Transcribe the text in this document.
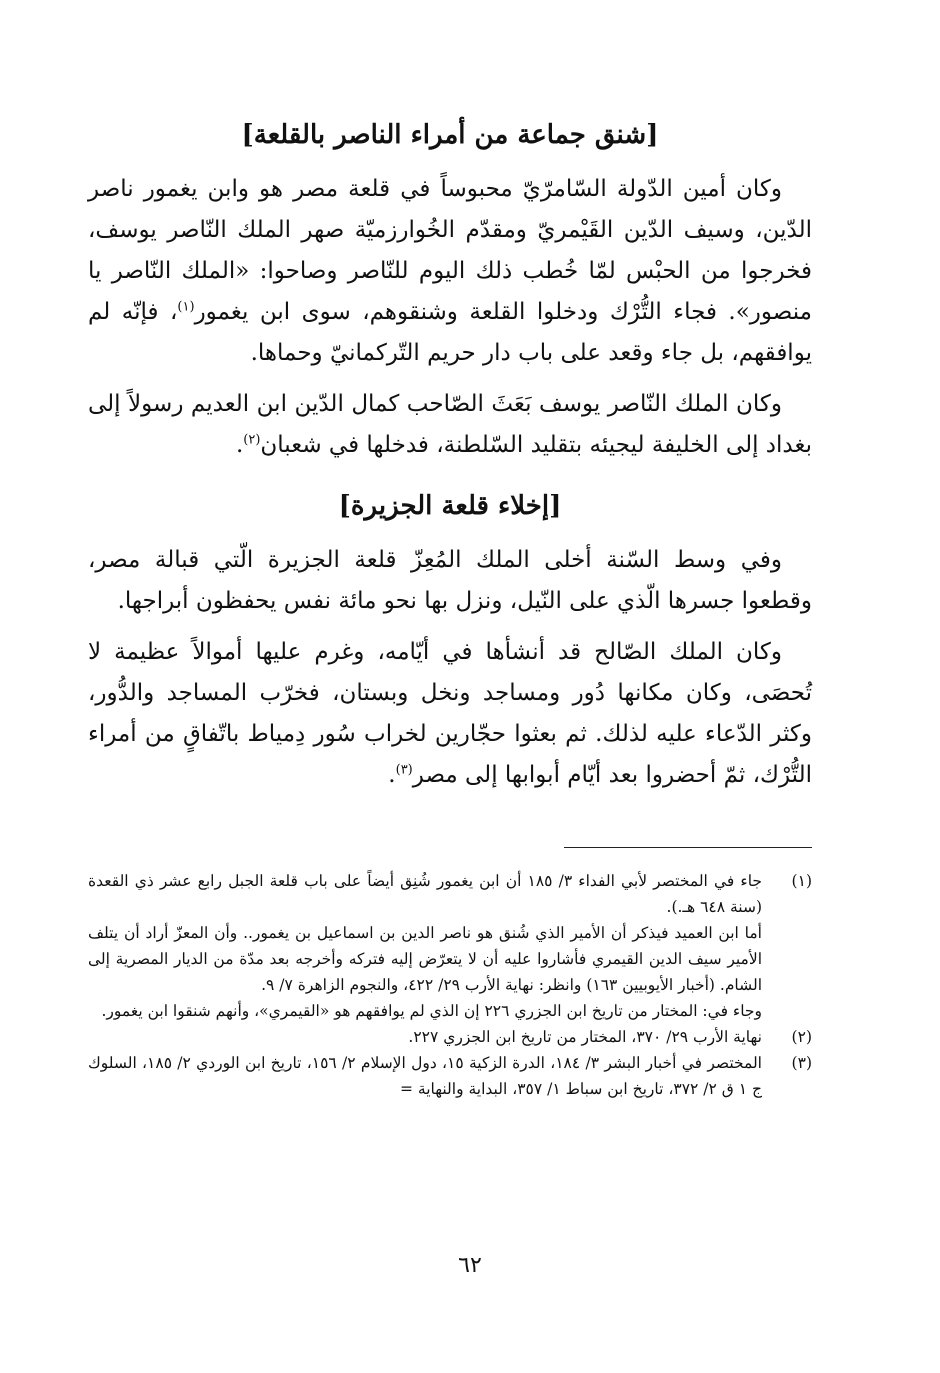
[شنق جماعة من أمراء الناصر بالقلعة]

وكان أمين الدّولة السّامرّيّ محبوساً في قلعة مصر هو وابن يغمور ناصر الدّين، وسيف الدّين القَيْمريّ ومقدّم الخُوارزميّة صهر الملك النّاصر يوسف، فخرجوا من الحبْس لمّا خُطب ذلك اليوم للنّاصر وصاحوا: «الملك النّاصر يا منصور». فجاء التُّرْك ودخلوا القلعة وشنقوهم، سوى ابن يغمور$^{(١)}$، فإنّه لم يوافقهم، بل جاء وقعد على باب دار حريم التّركمانيّ وحماها.

وكان الملك النّاصر يوسف بَعَثَ الصّاحب كمال الدّين ابن العديم رسولاً إلى بغداد إلى الخليفة ليجيئه بتقليد السّلطنة، فدخلها في شعبان$^{(٢)}$.

[إخلاء قلعة الجزيرة]

وفي وسط السّنة أخلى الملك المُعِزّ قلعة الجزيرة الّتي قبالة مصر، وقطعوا جسرها الّذي على النّيل، ونزل بها نحو مائة نفس يحفظون أبراجها.

وكان الملك الصّالح قد أنشأها في أيّامه، وغرم عليها أموالاً عظيمة لا تُحصَى، وكان مكانها دُور ومساجد ونخل وبستان، فخرّب المساجد والدُّور، وكثر الدّعاء عليه لذلك. ثم بعثوا حجّارين لخراب سُور دِمياط باتّفاقٍ من أمراء التُّرْك، ثمّ أحضروا بعد أيّام أبوابها إلى مصر$^{(٣)}$.

(١)

جاء في المختصر لأبي الفداء ٣/ ١٨٥ أن ابن يغمور شُنِق أيضاً على باب قلعة الجبل رابع عشر ذي القعدة (سنة ٦٤٨ هـ.).

أما ابن العميد فيذكر أن الأمير الذي شُنق هو ناصر الدين بن اسماعيل بن يغمور.. وأن المعزّ أراد أن يتلف الأمير سيف الدين القيمري فأشاروا عليه أن لا يتعرّض إليه فتركه وأخرجه بعد مدّة من الديار المصرية إلى الشام. (أخبار الأيوبيين ١٦٣) وانظر: نهاية الأرب ٢٩/ ٤٢٢، والنجوم الزاهرة ٧/ ٩.

وجاء في: المختار من تاريخ ابن الجزري ٢٢٦ إن الذي لم يوافقهم هو «القيمري»، وأنهم شنقوا ابن يغمور.

(٢)

نهاية الأرب ٢٩/ ٣٧٠، المختار من تاريخ ابن الجزري ٢٢٧.

(٣)

المختصر في أخبار البشر ٣/ ١٨٤، الدرة الزكية ١٥، دول الإسلام ٢/ ١٥٦، تاريخ ابن الوردي ٢/ ١٨٥، السلوك ج ١ ق ٢/ ٣٧٢، تاريخ ابن سباط ١/ ٣٥٧، البداية والنهاية =

٦٢
